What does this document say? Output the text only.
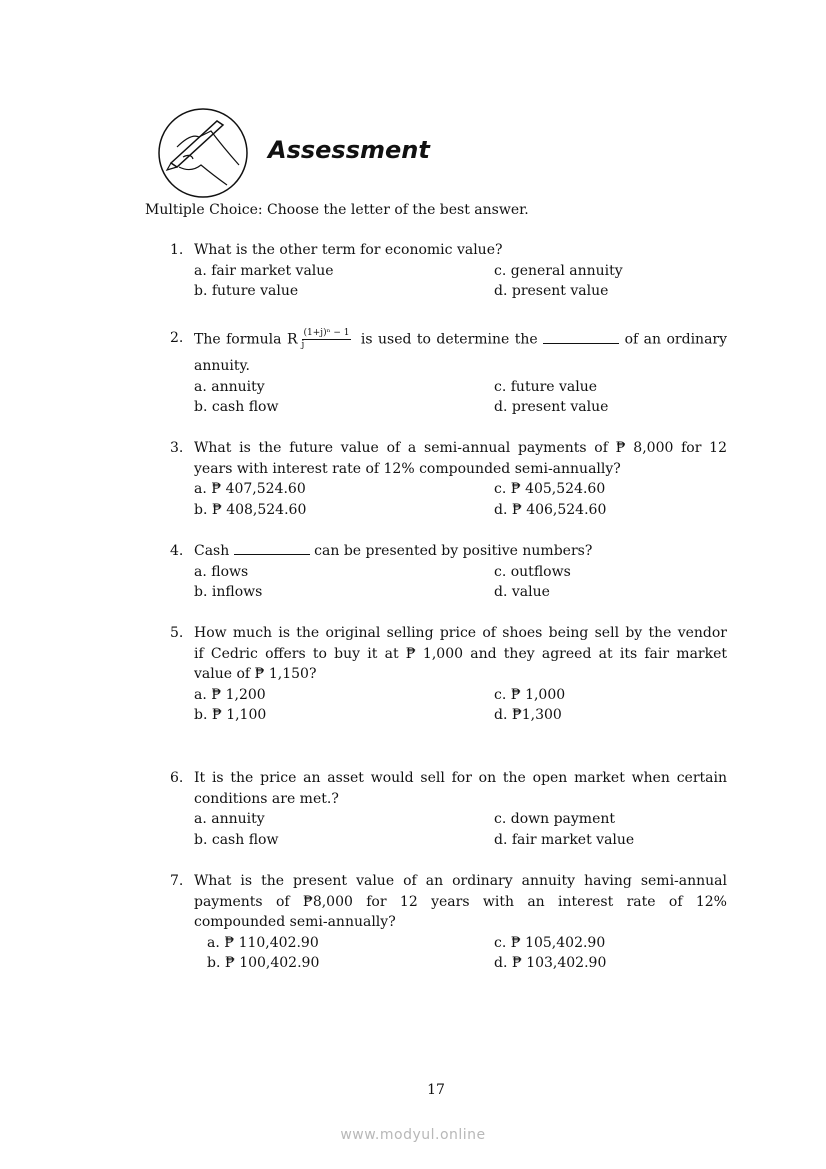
Assessment
Multiple Choice: Choose the letter of the best answer.
1. What is the other term for economic value?
a. fair market value
b. future value
c. general annuity
d. present value
2. The formula R $\frac{\text{(1+j)ⁿ − 1}}{j}$ is used to determine the	of an ordinary
annuity.
a. annuity
b. cash flow
c. future value
d. present value
3. What is the future value of a semi-annual payments of ₱ 8,000 for 12
years with interest rate of 12% compounded semi-annually?
a. ₱ 407,524.60
b. ₱ 408,524.60
c. ₱ 405,524.60
d. ₱ 406,524.60
4. Cash	can be presented by positive numbers?
a. flows
b. inflows
c. outflows
d. value
5. How much is the original selling price of shoes being sell by the vendor
if Cedric offers to buy it at ₱ 1,000 and they agreed at its fair market
value of ₱ 1,150?
a. ₱ 1,200
b. ₱ 1,100
c. ₱ 1,000
d. ₱1,300
6. It is the price an asset would sell for on the open market when certain
conditions are met.?
a. annuity
b. cash flow
c. down payment
d. fair market value
7. What is the present value of an ordinary annuity having semi-annual
payments of ₱8,000 for 12 years with an interest rate of 12%
compounded semi-annually?
a. ₱ 110,402.90
b. ₱ 100,402.90
c. ₱ 105,402.90
d. ₱ 103,402.90
17
www.modyul.online
